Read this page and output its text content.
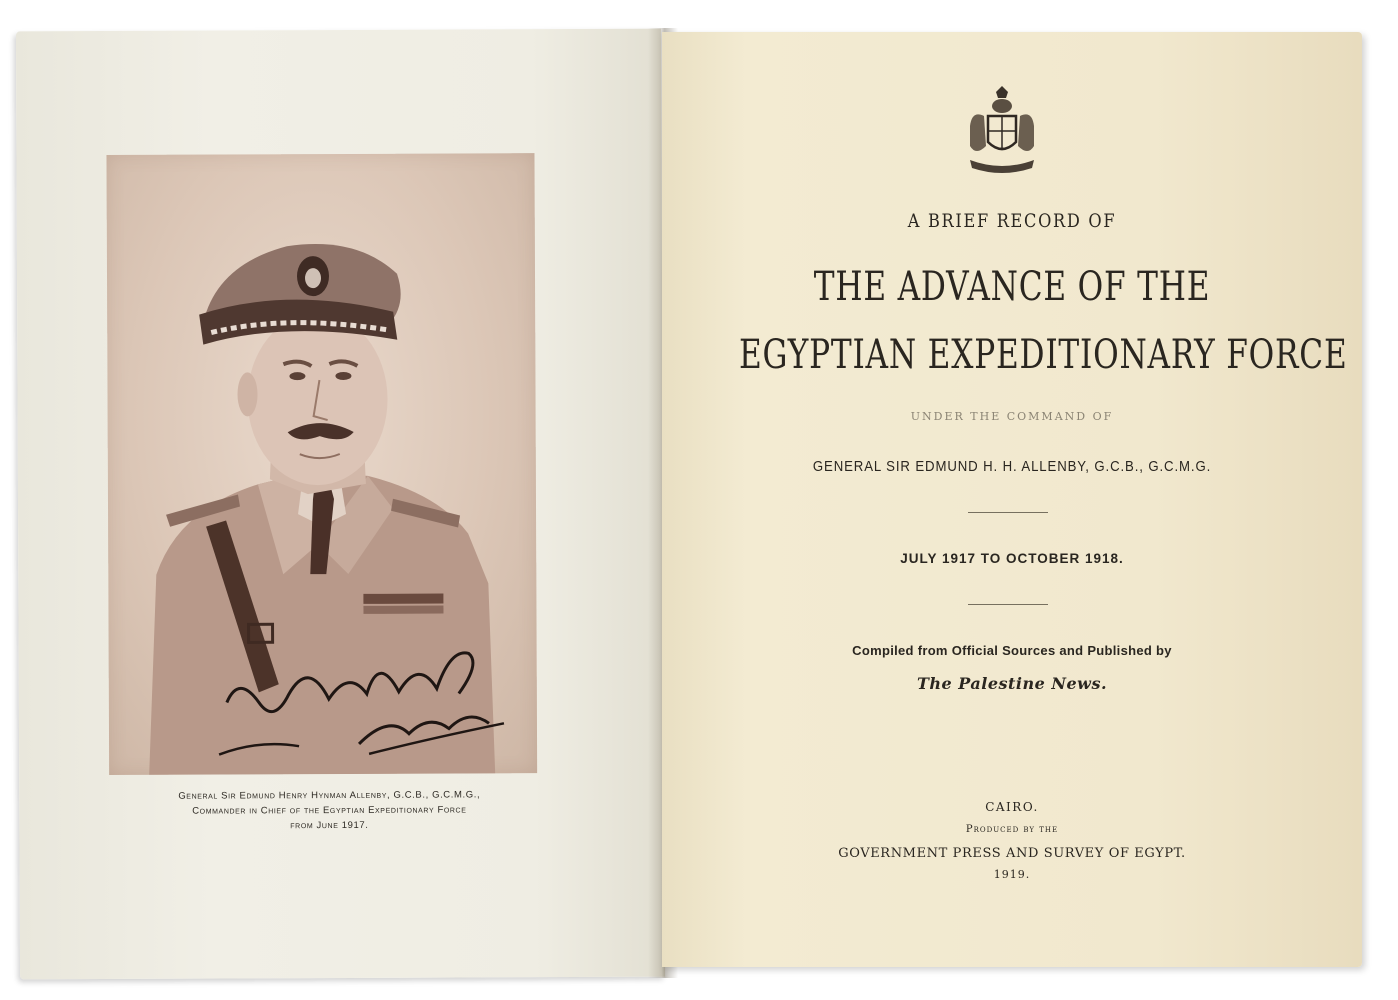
General Sir Edmund Henry Hynman Allenby, G.C.B., G.C.M.G.,
Commander in Chief of the Egyptian Expeditionary Force
from June 1917.
A BRIEF RECORD OF
THE ADVANCE OF THE
EGYPTIAN EXPEDITIONARY FORCE
UNDER THE COMMAND OF
GENERAL SIR EDMUND H. H. ALLENBY, G.C.B., G.C.M.G.
JULY 1917 TO OCTOBER 1918.
Compiled from Official Sources and Published by
The Palestine News.
CAIRO.
Produced by the
GOVERNMENT PRESS AND SURVEY OF EGYPT.
1919.
